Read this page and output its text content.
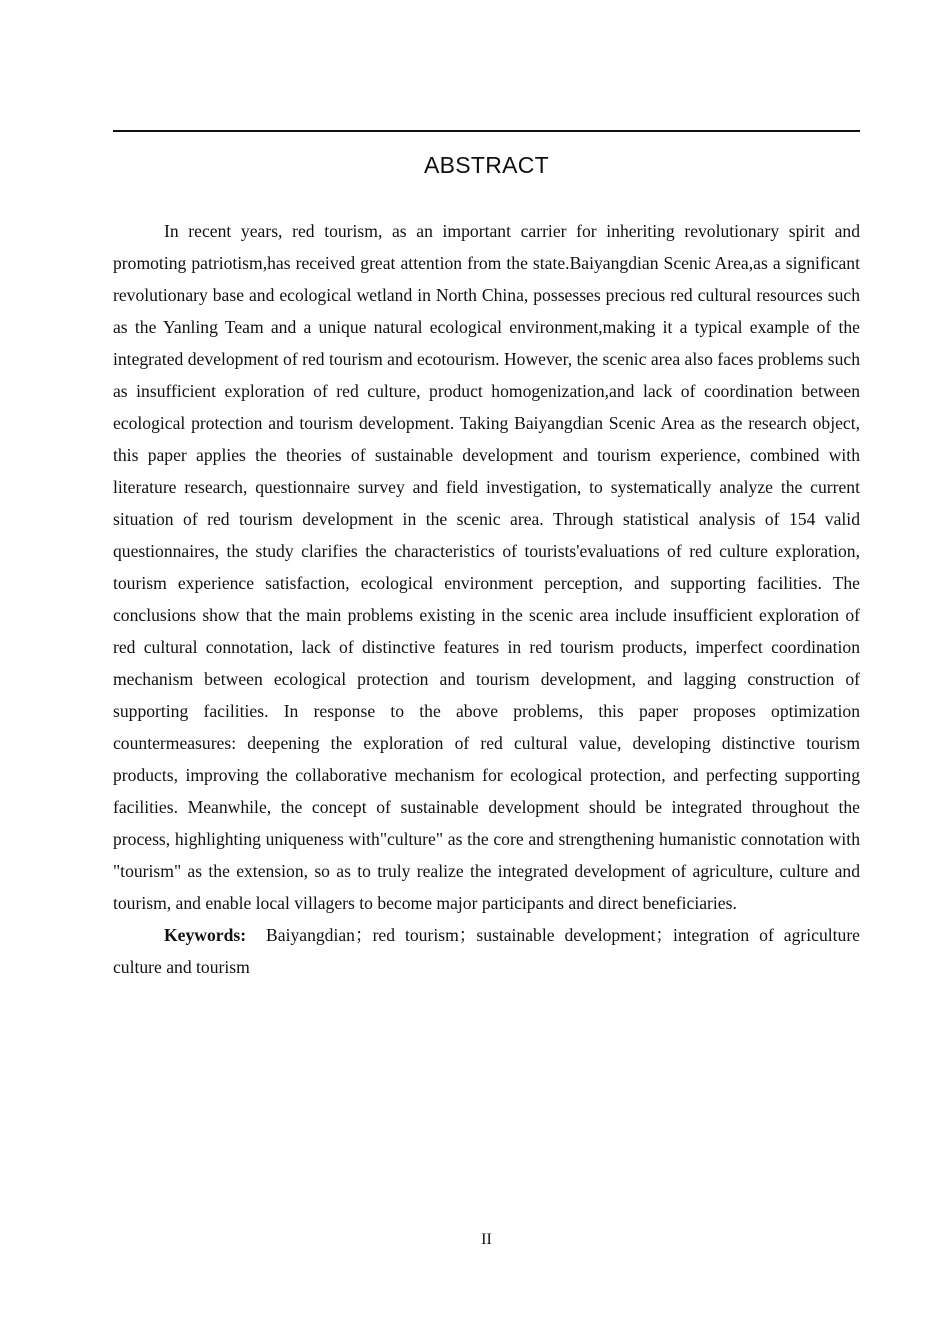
ABSTRACT

In recent years, red tourism, as an important carrier for inheriting revolutionary spirit and promoting patriotism,has received great attention from the state.Baiyangdian Scenic Area,as a significant revolutionary base and ecological wetland in North China, possesses precious red cultural resources such as the Yanling Team and a unique natural ecological environment,making it a typical example of the integrated development of red tourism and ecotourism. However, the scenic area also faces problems such as insufficient exploration of red culture, product homogenization,and lack of coordination between ecological protection and tourism development. Taking Baiyangdian Scenic Area as the research object, this paper applies the theories of sustainable development and tourism experience, combined with literature research, questionnaire survey and field investigation, to systematically analyze the current situation of red tourism development in the scenic area. Through statistical analysis of 154 valid questionnaires, the study clarifies the characteristics of tourists'evaluations of red culture exploration, tourism experience satisfaction, ecological environment perception, and supporting facilities. The conclusions show that the main problems existing in the scenic area include insufficient exploration of red cultural connotation, lack of distinctive features in red tourism products, imperfect coordination mechanism between ecological protection and tourism development, and lagging construction of supporting facilities. In response to the above problems, this paper proposes optimization countermeasures: deepening the exploration of red cultural value, developing distinctive tourism products, improving the collaborative mechanism for ecological protection, and perfecting supporting facilities. Meanwhile, the concept of sustainable development should be integrated throughout the process, highlighting uniqueness with"culture" as the core and strengthening humanistic connotation with "tourism" as the extension, so as to truly realize the integrated development of agriculture, culture and tourism, and enable local villagers to become major participants and direct beneficiaries.

Keywords: Baiyangdian；red tourism；sustainable development；integration of agriculture culture and tourism

II
